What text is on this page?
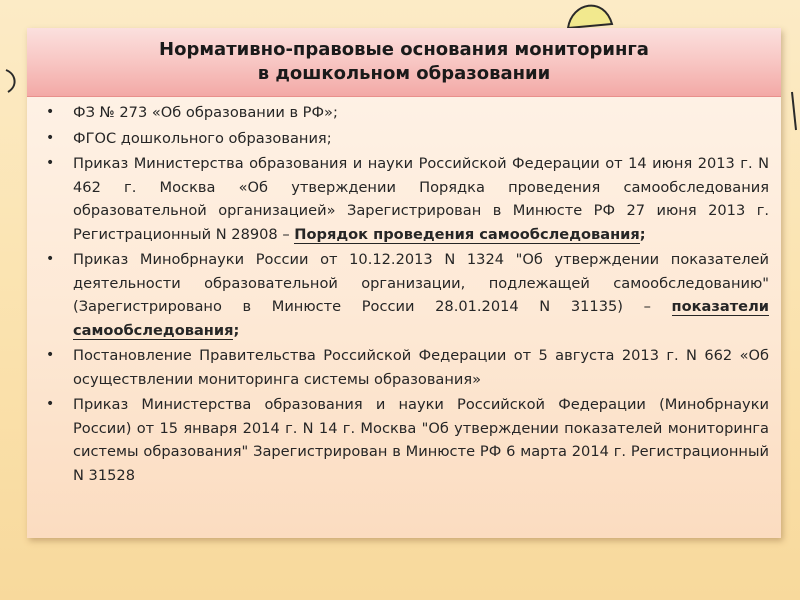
Нормативно-правовые основания мониторинга
в дошкольном образовании
• ФЗ № 273 «Об образовании в РФ»;
• ФГОС дошкольного образования;
• Приказ Министерства образования и науки Российской Федерации от 14 июня 2013 г. N 462 г. Москва «Об утверждении Порядка проведения самообследования образовательной организацией» Зарегистрирован в Минюсте РФ 27 июня 2013 г. Регистрационный N 28908 – Порядок проведения самообследования;
• Приказ Минобрнауки России от 10.12.2013 N 1324 "Об утверждении показателей деятельности образовательной организации, подлежащей самообследованию" (Зарегистрировано в Минюсте России 28.01.2014 N 31135) – показатели самообследования;
• Постановление Правительства Российской Федерации от 5 августа 2013 г. N 662 «Об осуществлении мониторинга системы образования»
• Приказ Министерства образования и науки Российской Федерации (Минобрнауки России) от 15 января 2014 г. N 14 г. Москва "Об утверждении показателей мониторинга системы образования" Зарегистрирован в Минюсте РФ 6 марта 2014 г. Регистрационный N 31528
